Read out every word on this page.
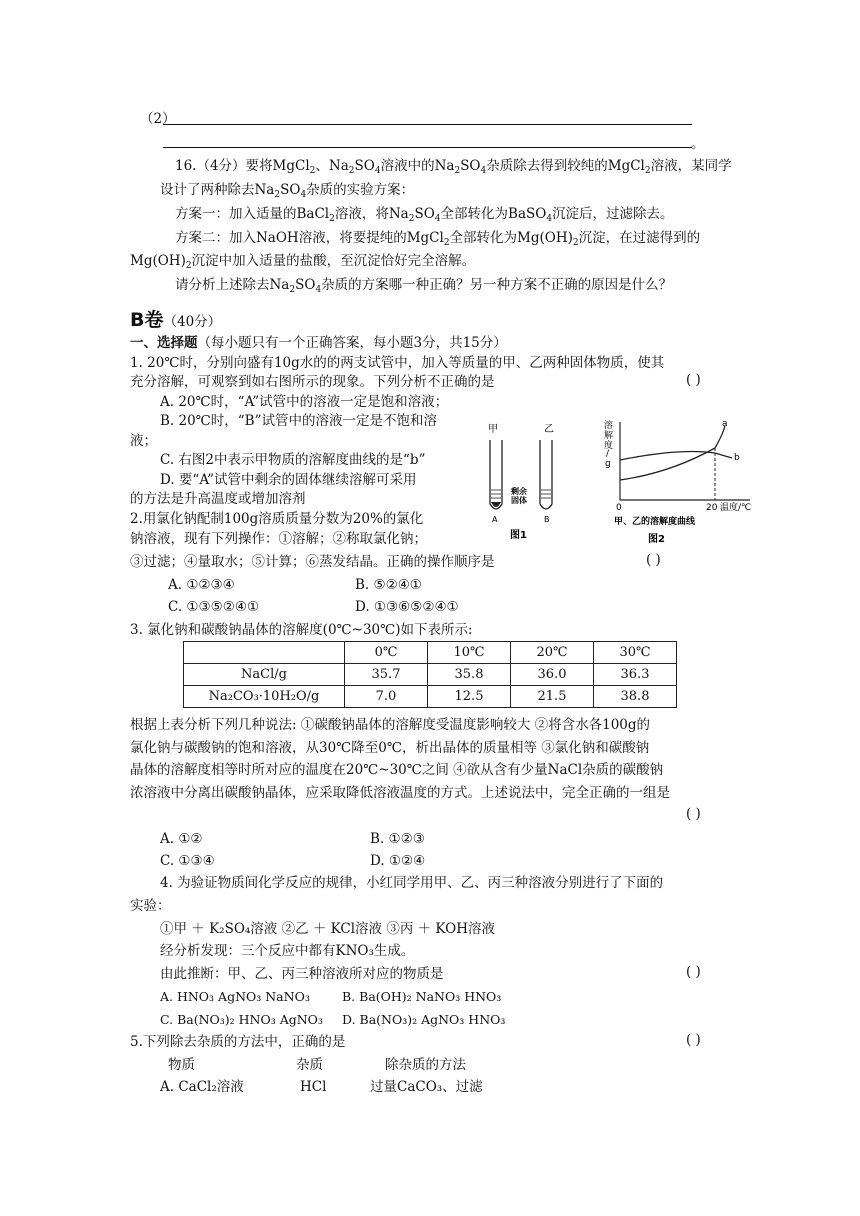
（2）
。
16.（4分）要将MgCl$_2$、$Na_2SO_4$溶液中的$Na_2SO_4$杂质除去得到较纯的MgCl$_2$溶液，某同学
设计了两种除去$Na_2SO_4$杂质的实验方案：
方案一：加入适量的BaCl$_2$溶液，将$Na_2SO_4$全部转化为BaSO$_4$沉淀后，过滤除去。
方案二：加入NaOH溶液，将要提纯的MgCl$_2$全部转化为$Mg(OH)_2$沉淀，在过滤得到的
$Mg(OH)_2$沉淀中加入适量的盐酸，至沉淀恰好完全溶解。
请分析上述除去$Na_2SO_4$杂质的方案哪一种正确？另一种方案不正确的原因是什么？
B卷（40分）
一、选择题（每小题只有一个正确答案，每小题3分，共15分）
1. 20℃时，分别向盛有10g水的的两支试管中，加入等质量的甲、乙两种固体物质，使其
充分溶解，可观察到如右图所示的现象。下列分析不正确的是	( )
A. 20℃时，“A”试管中的溶液一定是饱和溶液；
B. 20℃时，“B”试管中的溶液一定是不饱和溶
液；
C. 右图2中表示甲物质的溶解度曲线的是“b”
D. 要“A”试管中剩余的固体继续溶解可采用
的方法是升高温度或增加溶剂
甲	乙
剩余
固体
A	B
图1
溶
解
度
/
g
a
b
0	20 温度/℃
甲、乙的溶解度曲线
图2
2.用氯化钠配制100g溶质质量分数为20%的氯化
钠溶液，现有下列操作：①溶解；②称取氯化钠；
③过滤；④量取水；⑤计算；⑥蒸发结晶。正确的操作顺序是	( )
A. ①②③④	B. ⑤②④①
C. ①③⑤②④①	D. ①③⑥⑤②④①
3. 氯化钠和碳酸钠晶体的溶解度(0℃~30℃)如下表所示:
	0℃	10℃	20℃	30℃
NaCl/g	35.7	35.8	36.0	36.3
Na₂CO₃·10H₂O/g	7.0	12.5	21.5	38.8
根据上表分析下列几种说法: ①碳酸钠晶体的溶解度受温度影响较大 ②将含水各100g的
氯化钠与碳酸钠的饱和溶液，从30℃降至0℃，析出晶体的质量相等 ③氯化钠和碳酸钠
晶体的溶解度相等时所对应的温度在20℃~30℃之间 ④欲从含有少量NaCl杂质的碳酸钠
浓溶液中分离出碳酸钠晶体，应采取降低溶液温度的方式。上述说法中，完全正确的一组是
( )
A. ①②	B. ①②③
C. ①③④	D. ①②④
4. 为验证物质间化学反应的规律，小红同学用甲、乙、丙三种溶液分别进行了下面的
实验：
①甲 ＋ K₂SO₄溶液 ②乙 ＋ KCl溶液 ③丙 ＋ KOH溶液
经分析发现：三个反应中都有KNO₃生成。
由此推断：甲、乙、丙三种溶液所对应的物质是	( )
A. HNO₃ AgNO₃ NaNO₃	B. Ba(OH)₂ NaNO₃ HNO₃
C. Ba(NO₃)₂ HNO₃ AgNO₃ D. Ba(NO₃)₂ AgNO₃ HNO₃
5.下列除去杂质的方法中，正确的是	( )
物质	杂质	除杂质的方法
A. CaCl₂溶液	HCl	过量CaCO₃、过滤
